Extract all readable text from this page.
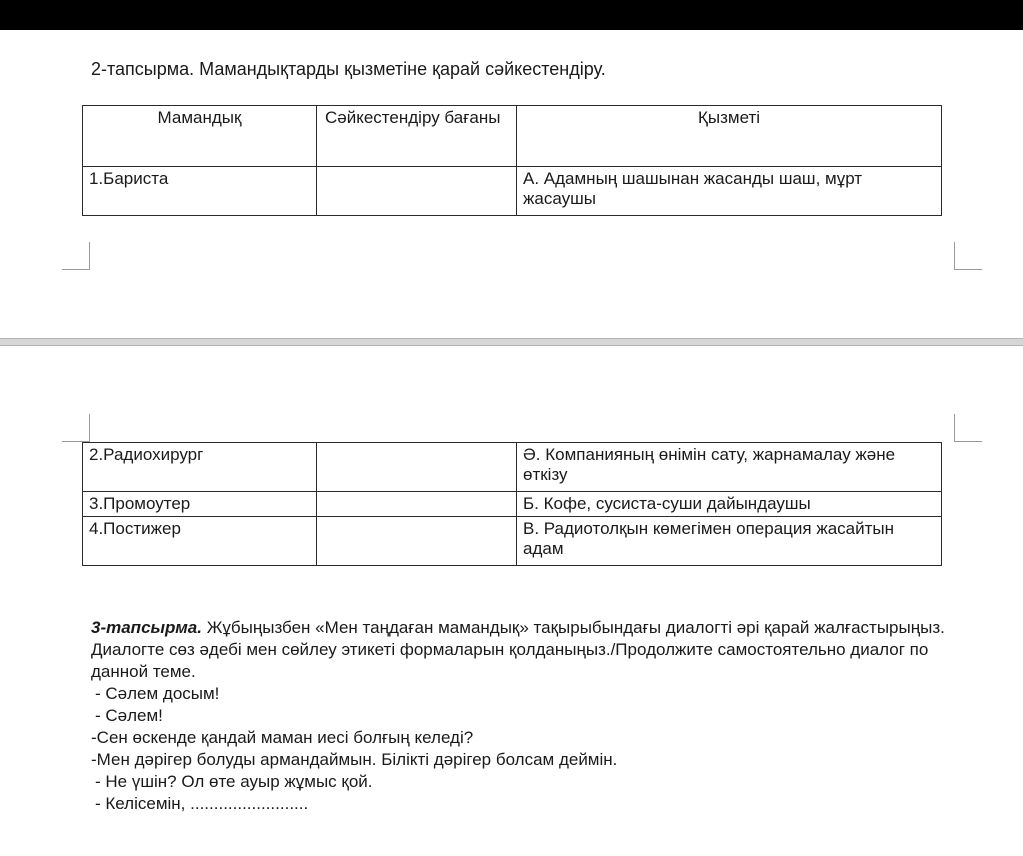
2-тапсырма. Мамандықтарды қызметіне қарай сәйкестендіру.
Мамандық	Сәйкестендіру бағаны	Қызметі
1.Бариста		А. Адамның шашынан жасанды шаш, мұрт жасаушы
2.Радиохирург		Ә. Компанияның өнімін сату, жарнамалау және өткізу
3.Промоутер		Б. Кофе, сусиста-суши дайындаушы
4.Постижер		В. Радиотолқын көмегімен операция жасайтын адам
3-тапсырма. Жұбыңызбен «Мен таңдаған мамандық» тақырыбындағы диалогті әрі қарай жалғастырыңыз. Диалогте сөз әдебі мен сөйлеу этикеті формаларын қолданыңыз./Продолжите самостоятельно диалог по данной теме.
- Сәлем досым!
- Сәлем!
-Сен өскенде қандай маман иесі болғың келеді?
-Мен дәрігер болуды армандаймын. Білікті дәрігер болсам деймін.
- Не үшін? Ол өте ауыр жұмыс қой.
- Келісемін, .........................
